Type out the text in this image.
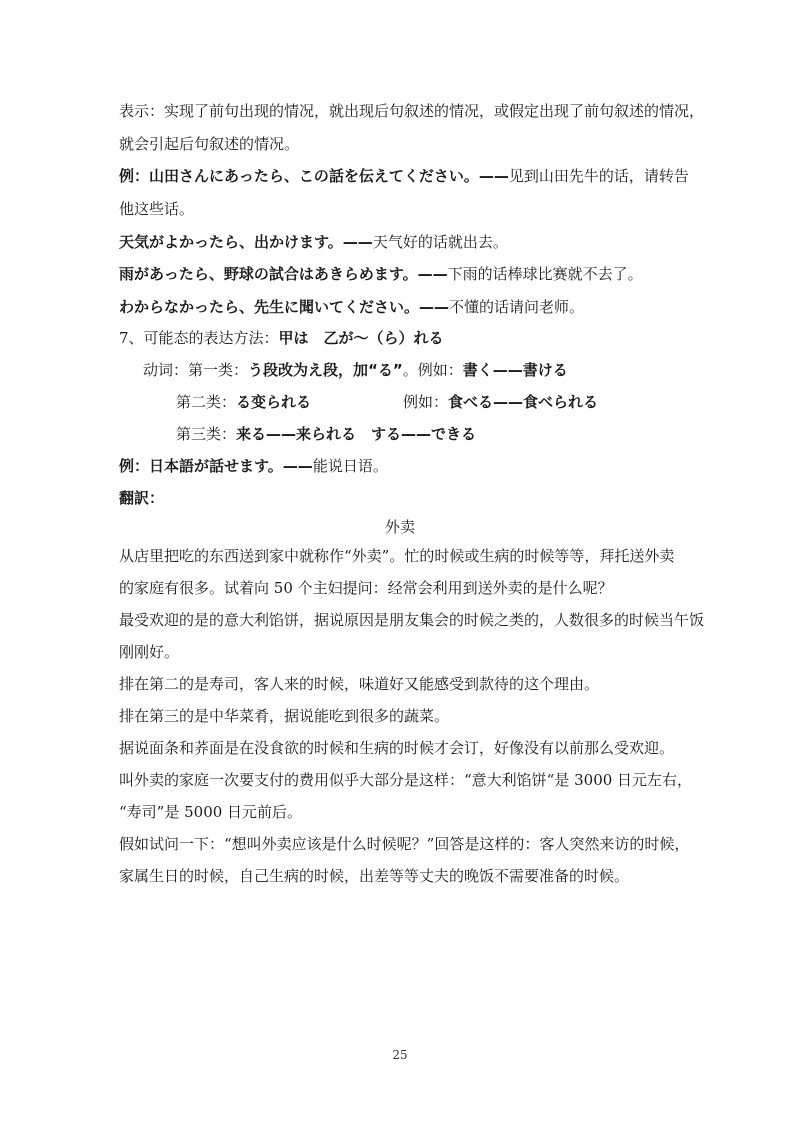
表示：实现了前句出现的情况，就出现后句叙述的情况，或假定出现了前句叙述的情况，
就会引起后句叙述的情况。
例：山田さんにあったら、この話を伝えてください。——见到山田先牛的话，请转告
他这些话。
天気がよかったら、出かけます。——天气好的话就出去。
雨があったら、野球の試合はあきらめます。——下雨的话棒球比赛就不去了。
わからなかったら、先生に聞いてください。——不懂的话请问老师。
7、可能态的表达方法：甲は　乙が～（ら）れる
动词：第一类：う段改为え段，加“る”。例如：書く——書ける
第二类：る变られる	例如：食べる——食べられる
第三类：来る——来られる　する——できる
例：日本語が話せます。——能说日语。
翻訳：
外卖
从店里把吃的东西送到家中就称作“外卖”。忙的时候或生病的时候等等，拜托送外卖
的家庭有很多。试着向 50 个主妇提问：经常会利用到送外卖的是什么呢？
最受欢迎的是的意大利馅饼，据说原因是朋友集会的时候之类的，人数很多的时候当午饭
刚刚好。
排在第二的是寿司，客人来的时候，味道好又能感受到款待的这个理由。
排在第三的是中华菜肴，据说能吃到很多的蔬菜。
据说面条和荞面是在没食欲的时候和生病的时候才会订，好像没有以前那么受欢迎。
叫外卖的家庭一次要支付的费用似乎大部分是这样：“意大利馅饼“是 3000 日元左右，
“寿司”是 5000 日元前后。
假如试问一下：“想叫外卖应该是什么时候呢？”回答是这样的：客人突然来访的时候，
家属生日的时候，自己生病的时候，出差等等丈夫的晚饭不需要准备的时候。
25
